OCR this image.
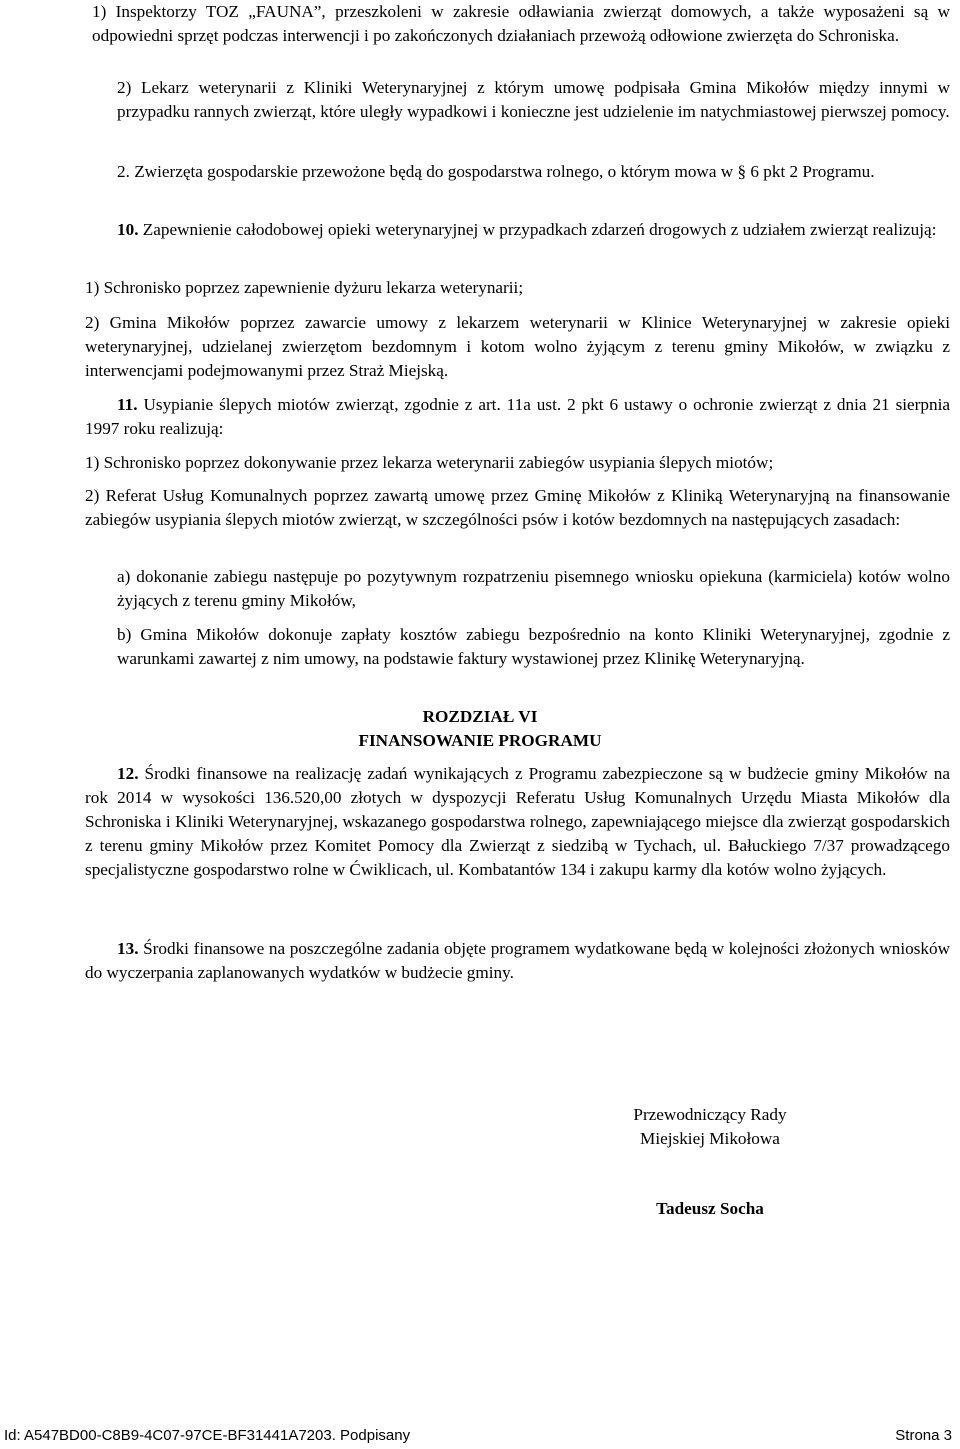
1) Inspektorzy TOZ „FAUNA”, przeszkoleni w zakresie odławiania zwierząt domowych, a także wyposażeni są w odpowiedni sprzęt podczas interwencji i po zakończonych działaniach przewożą odłowione zwierzęta do Schroniska.

2) Lekarz weterynarii z Kliniki Weterynaryjnej z którym umowę podpisała Gmina Mikołów między innymi w przypadku rannych zwierząt, które uległy wypadkowi i konieczne jest udzielenie im natychmiastowej pierwszej pomocy.

2. Zwierzęta gospodarskie przewożone będą do gospodarstwa rolnego, o którym mowa w § 6 pkt 2 Programu.

10. Zapewnienie całodobowej opieki weterynaryjnej w przypadkach zdarzeń drogowych z udziałem zwierząt realizują:

1) Schronisko poprzez zapewnienie dyżuru lekarza weterynarii;

2) Gmina Mikołów poprzez zawarcie umowy z lekarzem weterynarii w Klinice Weterynaryjnej w zakresie opieki weterynaryjnej, udzielanej zwierzętom bezdomnym i kotom wolno żyjącym z terenu gminy Mikołów, w związku z interwencjami podejmowanymi przez Straż Miejską.

11. Usypianie ślepych miotów zwierząt, zgodnie z art. 11a ust. 2 pkt 6 ustawy o ochronie zwierząt z dnia 21 sierpnia 1997 roku realizują:

1) Schronisko poprzez dokonywanie przez lekarza weterynarii zabiegów usypiania ślepych miotów;

2) Referat Usług Komunalnych poprzez zawartą umowę przez Gminę Mikołów z Kliniką Weterynaryjną na finansowanie zabiegów usypiania ślepych miotów zwierząt, w szczególności psów i kotów bezdomnych na następujących zasadach:

a) dokonanie zabiegu następuje po pozytywnym rozpatrzeniu pisemnego wniosku opiekuna (karmiciela) kotów wolno żyjących z terenu gminy Mikołów,

b) Gmina Mikołów dokonuje zapłaty kosztów zabiegu bezpośrednio na konto Kliniki Weterynaryjnej, zgodnie z warunkami zawartej z nim umowy, na podstawie faktury wystawionej przez Klinikę Weterynaryjną.

ROZDZIAŁ VI

FINANSOWANIE PROGRAMU

12. Środki finansowe na realizację zadań wynikających z Programu zabezpieczone są w budżecie gminy Mikołów na rok 2014 w wysokości 136.520,00 złotych w dyspozycji Referatu Usług Komunalnych Urzędu Miasta Mikołów dla Schroniska i Kliniki Weterynaryjnej, wskazanego gospodarstwa rolnego, zapewniającego miejsce dla zwierząt gospodarskich z terenu gminy Mikołów przez Komitet Pomocy dla Zwierząt z siedzibą w Tychach, ul. Bałuckiego 7/37 prowadzącego specjalistyczne gospodarstwo rolne w Ćwiklicach, ul. Kombatantów 134 i zakupu karmy dla kotów wolno żyjących.

13. Środki finansowe na poszczególne zadania objęte programem wydatkowane będą w kolejności złożonych wniosków do wyczerpania zaplanowanych wydatków w budżecie gminy.

Przewodniczący Rady
Miejskiej Mikołowa
Tadeusz Socha
Id: A547BD00-C8B9-4C07-97CE-BF31441A7203. Podpisany	Strona 3
